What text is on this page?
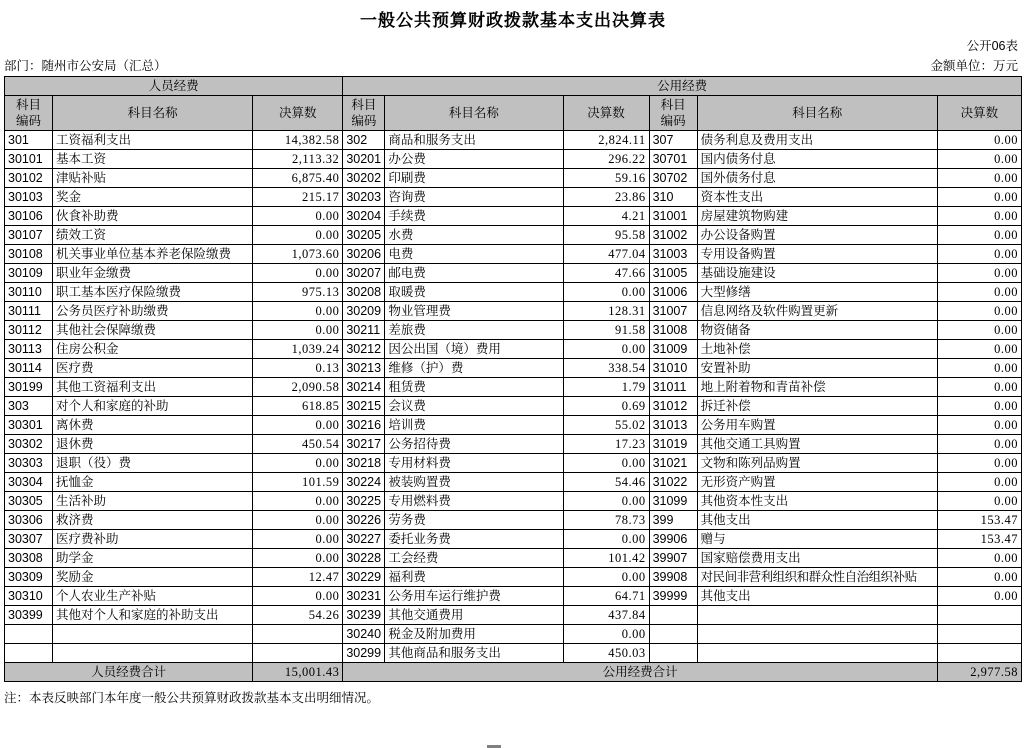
一般公共预算财政拨款基本支出决算表
公开06表
部门：随州市公安局（汇总）	金额单位：万元
人员经费			公用经费					
科目
编码	科目名称	决算数	科目
编码	科目名称	决算数	科目
编码	科目名称	决算数
301	工资福利支出	14,382.58	302	商品和服务支出	2,824.11	307	债务利息及费用支出	0.00
30101	基本工资	2,113.32	30201	办公费	296.22	30701	国内债务付息	0.00
30102	津贴补贴	6,875.40	30202	印刷费	59.16	30702	国外债务付息	0.00
30103	奖金	215.17	30203	咨询费	23.86	310	资本性支出	0.00
30106	伙食补助费	0.00	30204	手续费	4.21	31001	房屋建筑物购建	0.00
30107	绩效工资	0.00	30205	水费	95.58	31002	办公设备购置	0.00
30108	机关事业单位基本养老保险缴费	1,073.60	30206	电费	477.04	31003	专用设备购置	0.00
30109	职业年金缴费	0.00	30207	邮电费	47.66	31005	基础设施建设	0.00
30110	职工基本医疗保险缴费	975.13	30208	取暖费	0.00	31006	大型修缮	0.00
30111	公务员医疗补助缴费	0.00	30209	物业管理费	128.31	31007	信息网络及软件购置更新	0.00
30112	其他社会保障缴费	0.00	30211	差旅费	91.58	31008	物资储备	0.00
30113	住房公积金	1,039.24	30212	因公出国（境）费用	0.00	31009	土地补偿	0.00
30114	医疗费	0.13	30213	维修（护）费	338.54	31010	安置补助	0.00
30199	其他工资福利支出	2,090.58	30214	租赁费	1.79	31011	地上附着物和青苗补偿	0.00
303	对个人和家庭的补助	618.85	30215	会议费	0.69	31012	拆迁补偿	0.00
30301	离休费	0.00	30216	培训费	55.02	31013	公务用车购置	0.00
30302	退休费	450.54	30217	公务招待费	17.23	31019	其他交通工具购置	0.00
30303	退职（役）费	0.00	30218	专用材料费	0.00	31021	文物和陈列品购置	0.00
30304	抚恤金	101.59	30224	被装购置费	54.46	31022	无形资产购置	0.00
30305	生活补助	0.00	30225	专用燃料费	0.00	31099	其他资本性支出	0.00
30306	救济费	0.00	30226	劳务费	78.73	399	其他支出	153.47
30307	医疗费补助	0.00	30227	委托业务费	0.00	39906	赠与	153.47
30308	助学金	0.00	30228	工会经费	101.42	39907	国家赔偿费用支出	0.00
30309	奖励金	12.47	30229	福利费	0.00	39908	对民间非营利组织和群众性自治组织补贴	0.00
30310	个人农业生产补贴	0.00	30231	公务用车运行维护费	64.71	39999	其他支出	0.00
30399	其他对个人和家庭的补助支出	54.26	30239	其他交通费用	437.84			
			30240	税金及附加费用	0.00			
			30299	其他商品和服务支出	450.03			
人员经费合计		15,001.43	公用经费合计					2,977.58
注：本表反映部门本年度一般公共预算财政拨款基本支出明细情况。
